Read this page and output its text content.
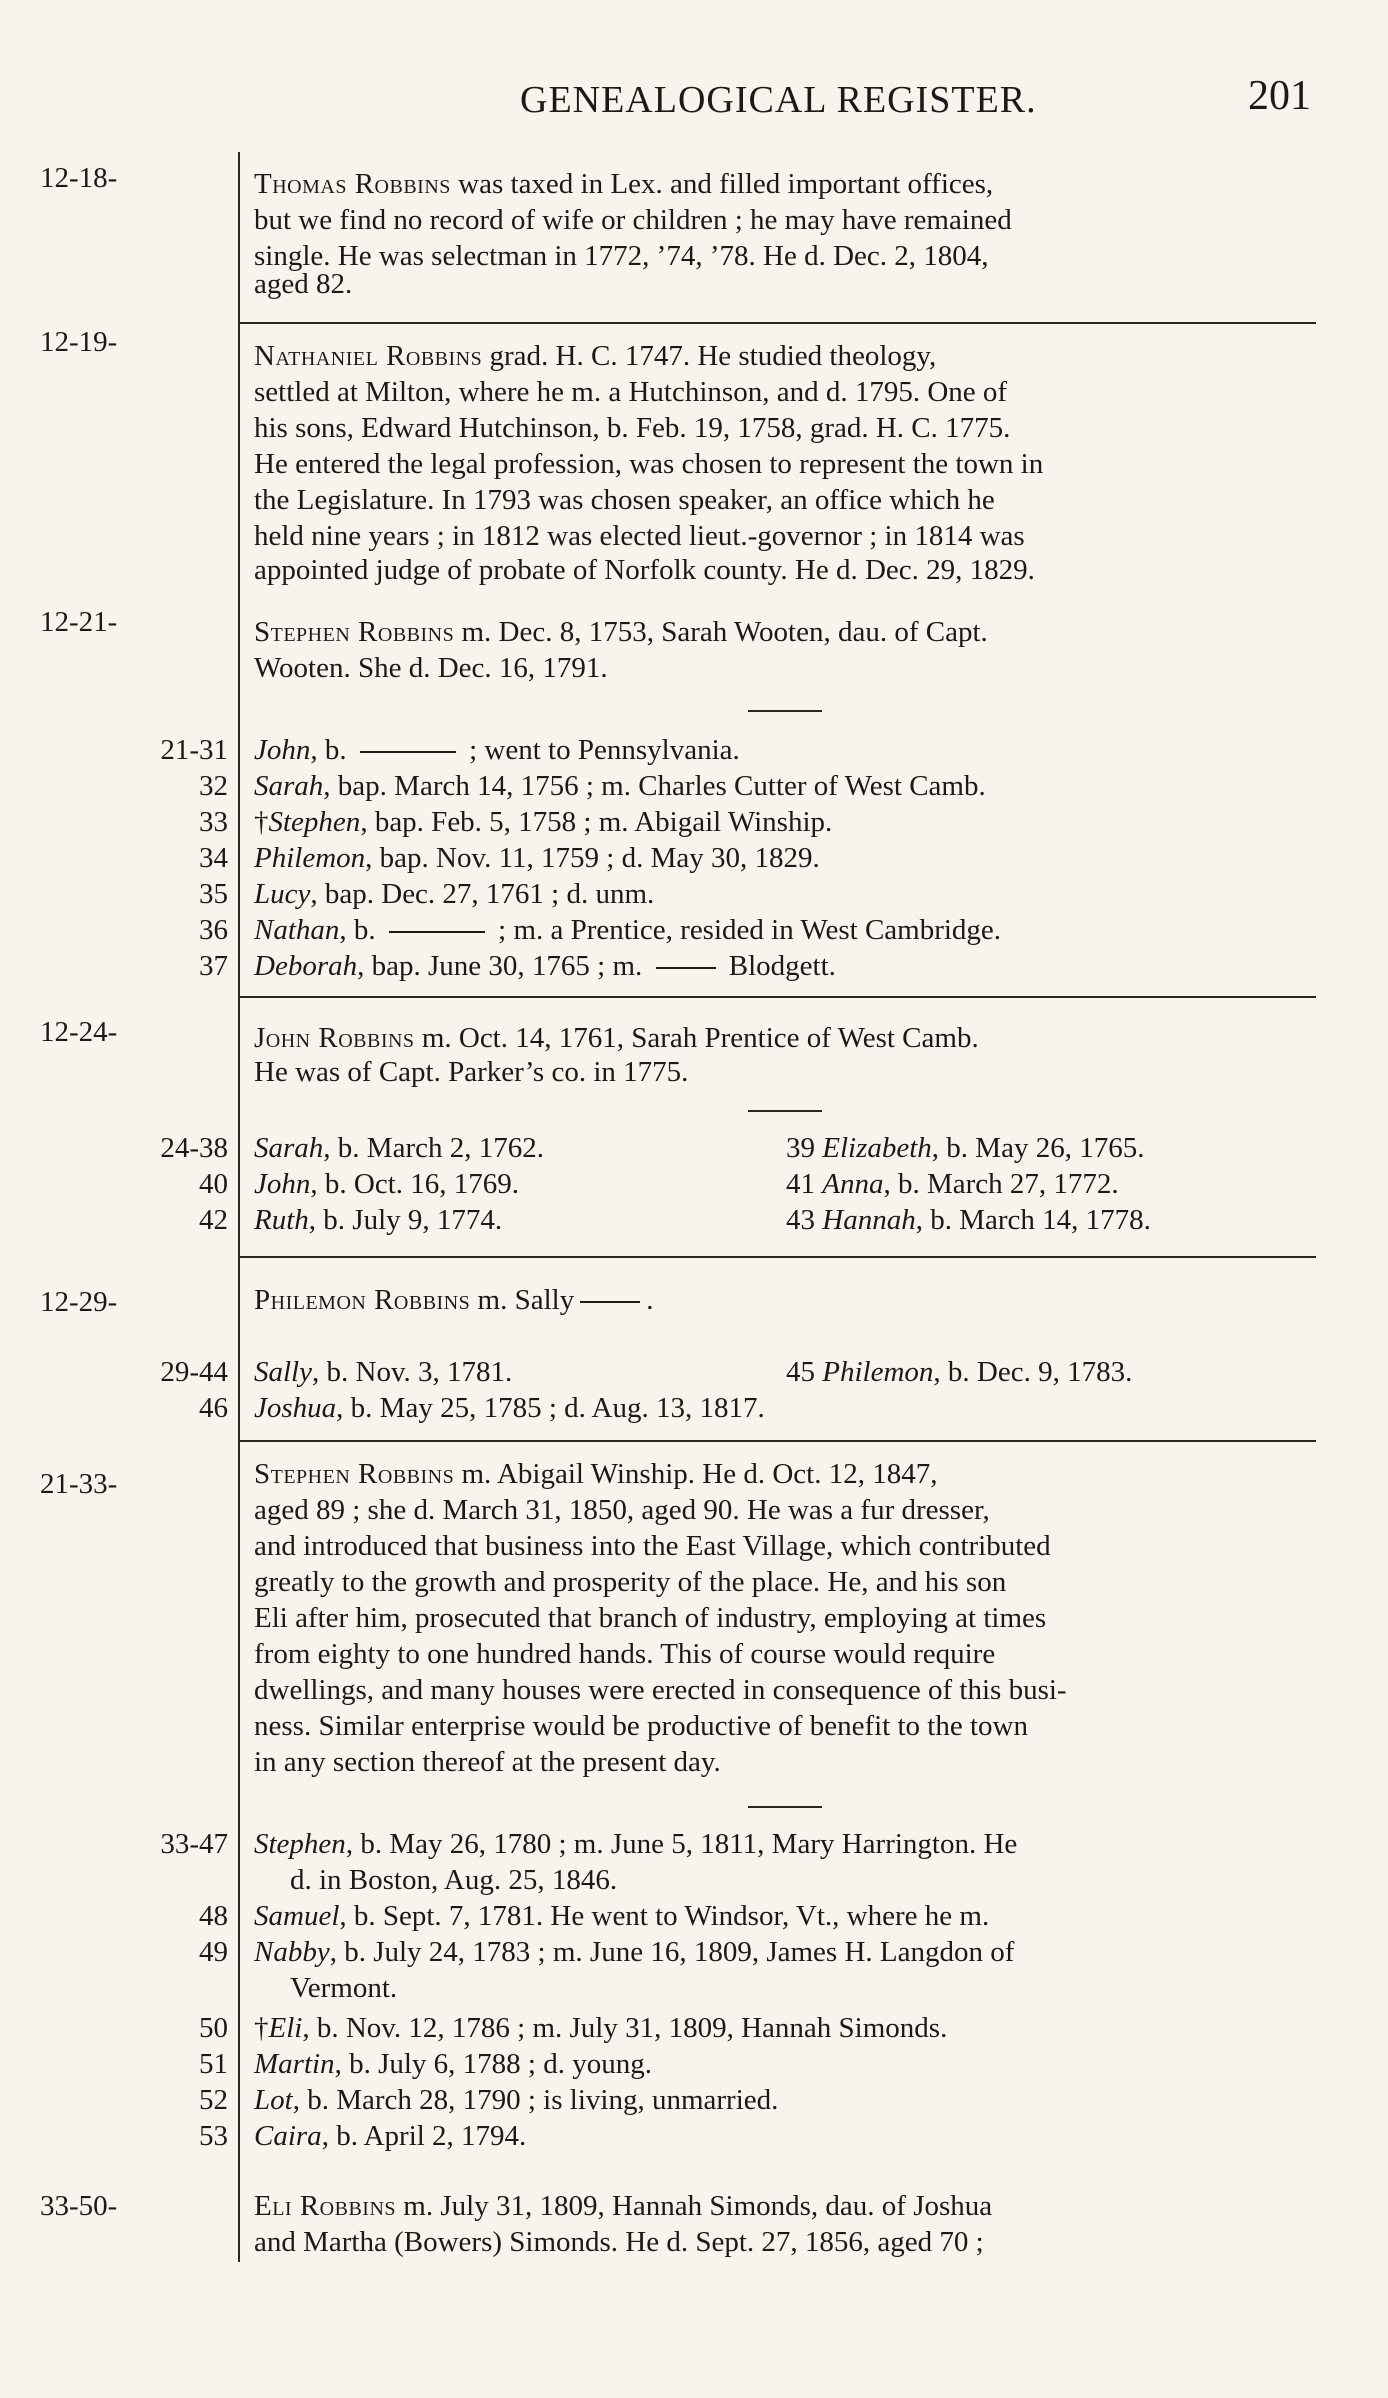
GENEALOGICAL REGISTER.	201
12-18-	Thomas Robbins was taxed in Lex. and filled important offices,
but we find no record of wife or children ; he may have remained
single. He was selectman in 1772, ’74, ’78. He d. Dec. 2, 1804,
aged 82.
12-19-	Nathaniel Robbins grad. H. C. 1747. He studied theology,
settled at Milton, where he m. a Hutchinson, and d. 1795. One of
his sons, Edward Hutchinson, b. Feb. 19, 1758, grad. H. C. 1775.
He entered the legal profession, was chosen to represent the town in
the Legislature. In 1793 was chosen speaker, an office which he
held nine years ; in 1812 was elected lieut.-governor ; in 1814 was
appointed judge of probate of Norfolk county. He d. Dec. 29, 1829.
12-21-	Stephen Robbins m. Dec. 8, 1753, Sarah Wooten, dau. of Capt.
Wooten. She d. Dec. 16, 1791.
21-31 John, b.	; went to Pennsylvania.
32 Sarah, bap. March 14, 1756 ; m. Charles Cutter of West Camb.
33 †Stephen, bap. Feb. 5, 1758 ; m. Abigail Winship.
34 Philemon, bap. Nov. 11, 1759 ; d. May 30, 1829.
35 Lucy, bap. Dec. 27, 1761 ; d. unm.
36 Nathan, b.	; m. a Prentice, resided in West Cambridge.
37 Deborah, bap. June 30, 1765 ; m.  Blodgett.
12-24-	John Robbins m. Oct. 14, 1761, Sarah Prentice of West Camb.
He was of Capt. Parker’s co. in 1775.
24-38 Sarah, b. March 2, 1762.	39 Elizabeth, b. May 26, 1765.
40 John, b. Oct. 16, 1769.	41 Anna, b. March 27, 1772.
42 Ruth, b. July 9, 1774.	43 Hannah, b. March 14, 1778.
12-29-	Philemon Robbins m. Sally .
29-44 Sally, b. Nov. 3, 1781.	45 Philemon, b. Dec. 9, 1783.
46 Joshua, b. May 25, 1785 ; d. Aug. 13, 1817.
21-33-	Stephen Robbins m. Abigail Winship. He d. Oct. 12, 1847,
aged 89 ; she d. March 31, 1850, aged 90. He was a fur dresser,
and introduced that business into the East Village, which contributed
greatly to the growth and prosperity of the place. He, and his son
Eli after him, prosecuted that branch of industry, employing at times
from eighty to one hundred hands. This of course would require
dwellings, and many houses were erected in consequence of this busi-
ness. Similar enterprise would be productive of benefit to the town
in any section thereof at the present day.
33-47 Stephen, b. May 26, 1780 ; m. June 5, 1811, Mary Harrington. He
d. in Boston, Aug. 25, 1846.
48 Samuel, b. Sept. 7, 1781. He went to Windsor, Vt., where he m.
49 Nabby, b. July 24, 1783 ; m. June 16, 1809, James H. Langdon of
Vermont.
50 †Eli, b. Nov. 12, 1786 ; m. July 31, 1809, Hannah Simonds.
51 Martin, b. July 6, 1788 ; d. young.
52 Lot, b. March 28, 1790 ; is living, unmarried.
53 Caira, b. April 2, 1794.
33-50-	Eli Robbins m. July 31, 1809, Hannah Simonds, dau. of Joshua
and Martha (Bowers) Simonds. He d. Sept. 27, 1856, aged 70 ;
